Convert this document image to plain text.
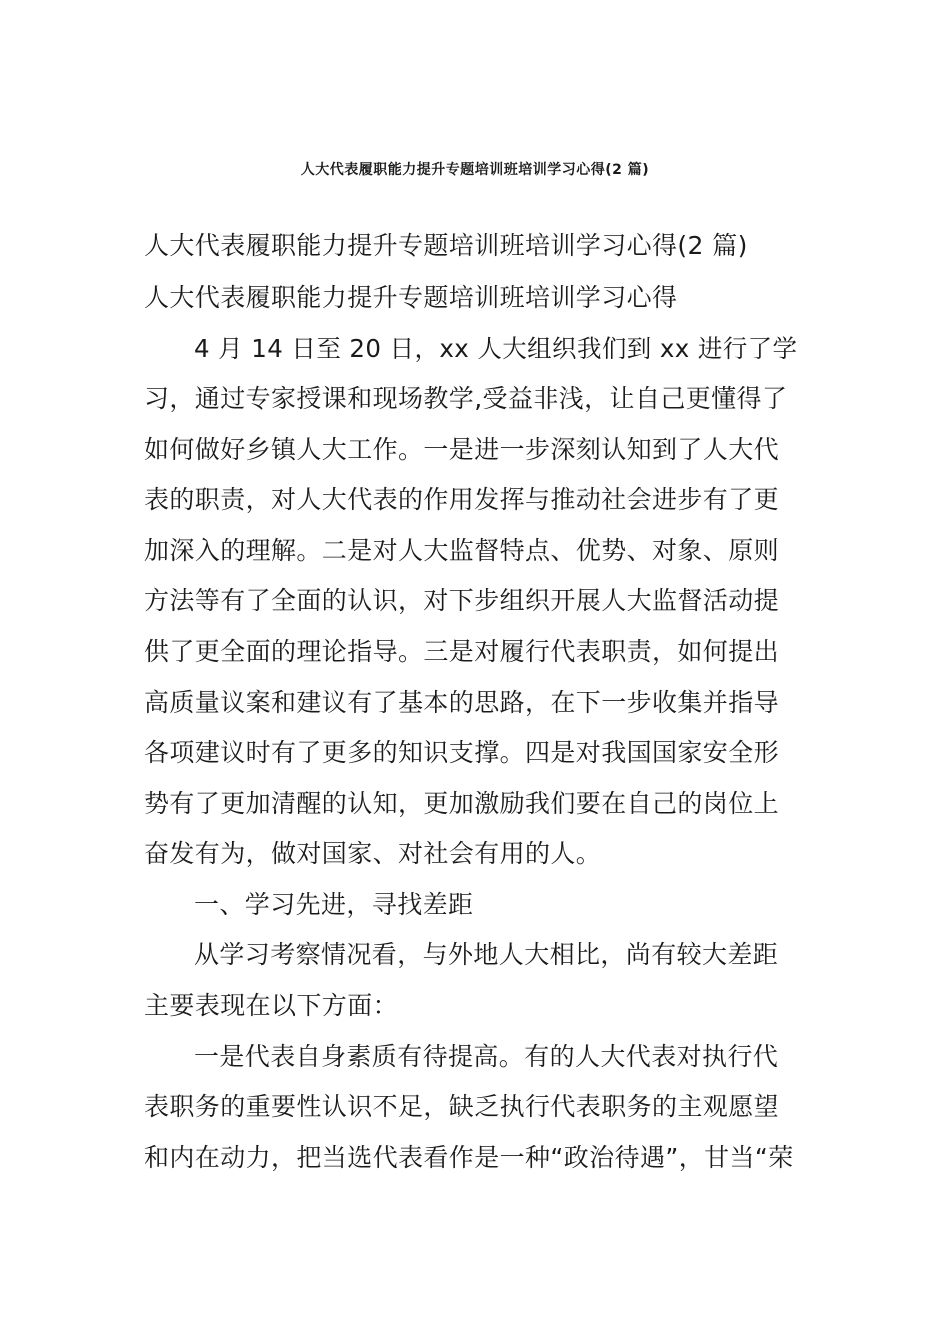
人大代表履职能力提升专题培训班培训学习心得(2 篇)
人大代表履职能力提升专题培训班培训学习心得(2 篇)
人大代表履职能力提升专题培训班培训学习心得
4 月 14 日至 20 日，xx 人大组织我们到 xx 进行了学
习，通过专家授课和现场教学,受益非浅，让自己更懂得了
如何做好乡镇人大工作。一是进一步深刻认知到了人大代
表的职责，对人大代表的作用发挥与推动社会进步有了更
加深入的理解。二是对人大监督特点、优势、对象、原则
方法等有了全面的认识，对下步组织开展人大监督活动提
供了更全面的理论指导。三是对履行代表职责，如何提出
高质量议案和建议有了基本的思路，在下一步收集并指导
各项建议时有了更多的知识支撑。四是对我国国家安全形
势有了更加清醒的认知，更加激励我们要在自己的岗位上
奋发有为，做对国家、对社会有用的人。
一、学习先进，寻找差距
从学习考察情况看，与外地人大相比，尚有较大差距
主要表现在以下方面：
一是代表自身素质有待提高。有的人大代表对执行代
表职务的重要性认识不足，缺乏执行代表职务的主观愿望
和内在动力，把当选代表看作是一种“政治待遇”，甘当“荣
